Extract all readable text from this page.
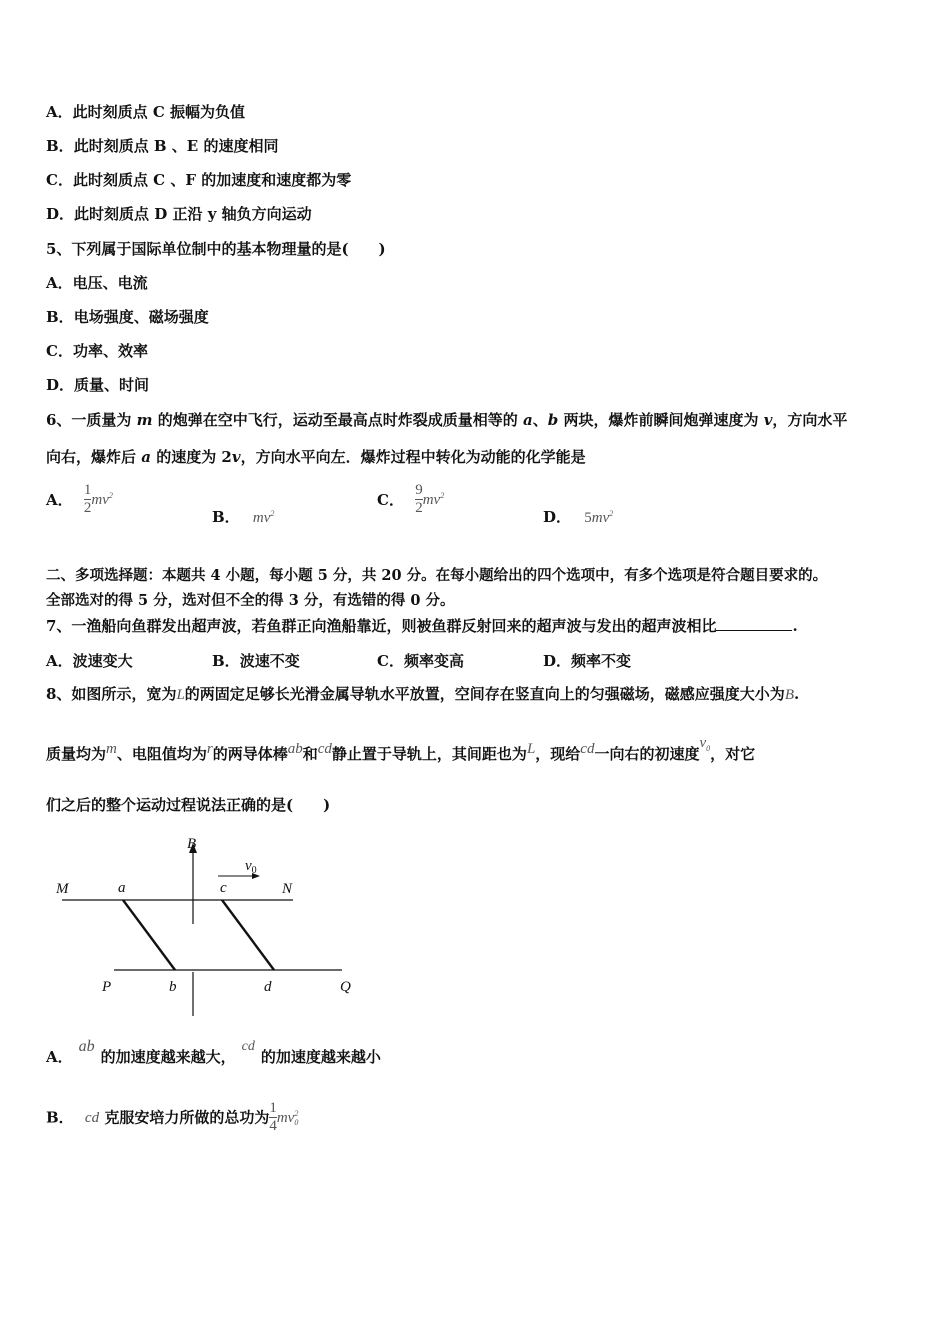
A．此时刻质点 C 振幅为负值
B．此时刻质点 B 、E 的速度相同
C．此时刻质点 C 、F 的加速度和速度都为零
D．此时刻质点 D 正沿 y 轴负方向运动
5、下列属于国际单位制中的基本物理量的是(　　)
A．电压、电流
B．电场强度、磁场强度
C．功率、效率
D．质量、时间
6、一质量为 m 的炮弹在空中飞行，运动至最高点时炸裂成质量相等的 a、b 两块，爆炸前瞬间炮弹速度为 v，方向水平
向右，爆炸后 a 的速度为 2v，方向水平向左．爆炸过程中转化为动能的化学能是
A． $\frac{1}{2} mv^2$
B． $mv^2$
C． $\frac{9}{2} mv^2$
D． $5mv^2$
二、多项选择题：本题共 4 小题，每小题 5 分，共 20 分。在每小题给出的四个选项中，有多个选项是符合题目要求的。
全部选对的得 5 分，选对但不全的得 3 分，有选错的得 0 分。
7、一渔船向鱼群发出超声波，若鱼群正向渔船靠近，则被鱼群反射回来的超声波与发出的超声波相比	.
A．波速变大	B．波速不变	C．频率变高	D．频率不变
8、如图所示，宽为L的两固定足够长光滑金属导轨水平放置，空间存在竖直向上的匀强磁场，磁感应强度大小为B.
质量均为m、电阻值均为r的两导体棒ab和cd静止置于导轨上，其间距也为L，现给cd一向右的初速度$v_0$，对它
们之后的整个运动过程说法正确的是(　　)
B
$v_0$
M	a	c	N
P	b	d	Q
A．ab的加速度越来越大，cd的加速度越来越小
B． cd 克服安培力所做的总功为 $\frac{1}{4}$ mv 2
0
